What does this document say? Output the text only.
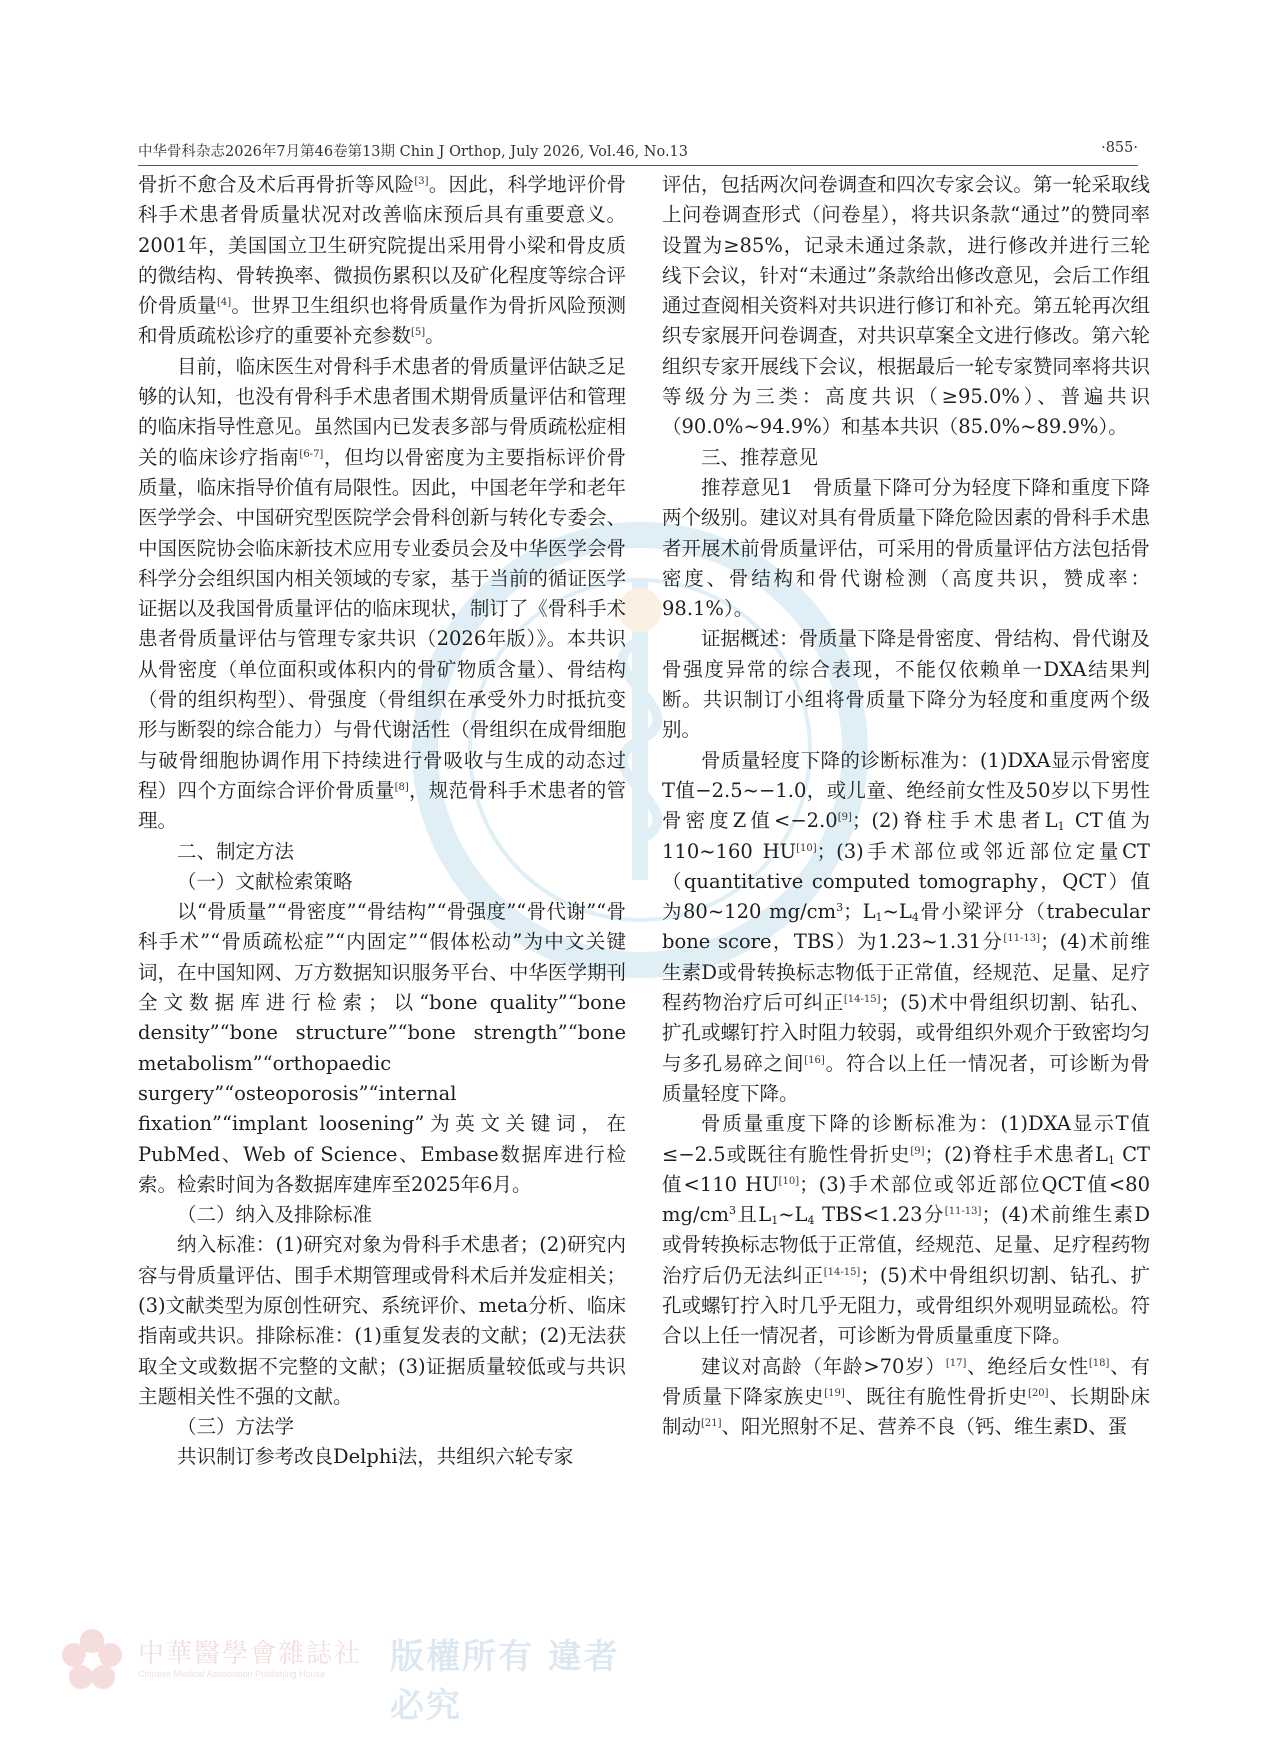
中华骨科杂志2026年7月第46卷第13期 Chin J Orthop, July 2026, Vol.46, No.13	·855·

骨折不愈合及术后再骨折等风险[3]。因此，科学地评价骨科手术患者骨质量状况对改善临床预后具有重要意义。2001年，美国国立卫生研究院提出采用骨小梁和骨皮质的微结构、骨转换率、微损伤累积以及矿化程度等综合评价骨质量[4]。世界卫生组织也将骨质量作为骨折风险预测和骨质疏松诊疗的重要补充参数[5]。

目前，临床医生对骨科手术患者的骨质量评估缺乏足够的认知，也没有骨科手术患者围术期骨质量评估和管理的临床指导性意见。虽然国内已发表多部与骨质疏松症相关的临床诊疗指南[6-7]，但均以骨密度为主要指标评价骨质量，临床指导价值有局限性。因此，中国老年学和老年医学学会、中国研究型医院学会骨科创新与转化专委会、中国医院协会临床新技术应用专业委员会及中华医学会骨科学分会组织国内相关领域的专家，基于当前的循证医学证据以及我国骨质量评估的临床现状，制订了《骨科手术患者骨质量评估与管理专家共识（2026年版）》。本共识从骨密度（单位面积或体积内的骨矿物质含量）、骨结构（骨的组织构型）、骨强度（骨组织在承受外力时抵抗变形与断裂的综合能力）与骨代谢活性（骨组织在成骨细胞与破骨细胞协调作用下持续进行骨吸收与生成的动态过程）四个方面综合评价骨质量[8]，规范骨科手术患者的管理。

二、制定方法

（一）文献检索策略

以“骨质量”“骨密度”“骨结构”“骨强度”“骨代谢”“骨科手术”“骨质疏松症”“内固定”“假体松动”为中文关键词，在中国知网、万方数据知识服务平台、中华医学期刊全文数据库进行检索；以“bone quality”“bone density”“bone structure”“bone strength”“bone metabolism”“orthopaedic surgery”“osteoporosis”“internal fixation”“implant loosening”为英文关键词，在PubMed、Web of Science、Embase数据库进行检索。检索时间为各数据库建库至2025年6月。

（二）纳入及排除标准

纳入标准：(1)研究对象为骨科手术患者；(2)研究内容与骨质量评估、围手术期管理或骨科术后并发症相关；(3)文献类型为原创性研究、系统评价、meta分析、临床指南或共识。排除标准：(1)重复发表的文献；(2)无法获取全文或数据不完整的文献；(3)证据质量较低或与共识主题相关性不强的文献。

（三）方法学

共识制订参考改良Delphi法，共组织六轮专家

评估，包括两次问卷调查和四次专家会议。第一轮采取线上问卷调查形式（问卷星），将共识条款“通过”的赞同率设置为≥85%，记录未通过条款，进行修改并进行三轮线下会议，针对“未通过”条款给出修改意见，会后工作组通过查阅相关资料对共识进行修订和补充。第五轮再次组织专家展开问卷调查，对共识草案全文进行修改。第六轮组织专家开展线下会议，根据最后一轮专家赞同率将共识等级分为三类：高度共识（≥95.0%）、普遍共识（90.0%~94.9%）和基本共识（85.0%~89.9%）。

三、推荐意见

推荐意见1　骨质量下降可分为轻度下降和重度下降两个级别。建议对具有骨质量下降危险因素的骨科手术患者开展术前骨质量评估，可采用的骨质量评估方法包括骨密度、骨结构和骨代谢检测（高度共识，赞成率：98.1%）。

证据概述：骨质量下降是骨密度、骨结构、骨代谢及骨强度异常的综合表现，不能仅依赖单一DXA结果判断。共识制订小组将骨质量下降分为轻度和重度两个级别。

骨质量轻度下降的诊断标准为：(1)DXA显示骨密度T值−2.5~−1.0，或儿童、绝经前女性及50岁以下男性骨密度Z值<−2.0[9]；(2)脊柱手术患者$L_1$ CT值为110~160 HU[10]；(3)手术部位或邻近部位定量CT（quantitative computed tomography，QCT）值为80~120 $mg/cm^3$；$L_1\sim L_4$骨小梁评分（trabecular bone score，TBS）为1.23~1.31分[11-13]；(4)术前维生素D或骨转换标志物低于正常值，经规范、足量、足疗程药物治疗后可纠正[14-15]；(5)术中骨组织切割、钻孔、扩孔或螺钉拧入时阻力较弱，或骨组织外观介于致密均匀与多孔易碎之间[16]。符合以上任一情况者，可诊断为骨质量轻度下降。

骨质量重度下降的诊断标准为：(1)DXA显示T值≤−2.5或既往有脆性骨折史[9]；(2)脊柱手术患者$L_1$ CT值<110 HU[10]；(3)手术部位或邻近部位QCT值<80 $mg/cm^3$且$L_1\sim L_4$ TBS<1.23分[11-13]；(4)术前维生素D或骨转换标志物低于正常值，经规范、足量、足疗程药物治疗后仍无法纠正[14-15]；(5)术中骨组织切割、钻孔、扩孔或螺钉拧入时几乎无阻力，或骨组织外观明显疏松。符合以上任一情况者，可诊断为骨质量重度下降。

建议对高龄（年龄>70岁）[17]、绝经后女性[18]、有骨质量下降家族史[19]、既往有脆性骨折史[20]、长期卧床制动[21]、阳光照射不足、营养不良（钙、维生素D、蛋

中華醫學會雜誌社
Chinese Medical Association Publishing House 版權所有 違者必究
